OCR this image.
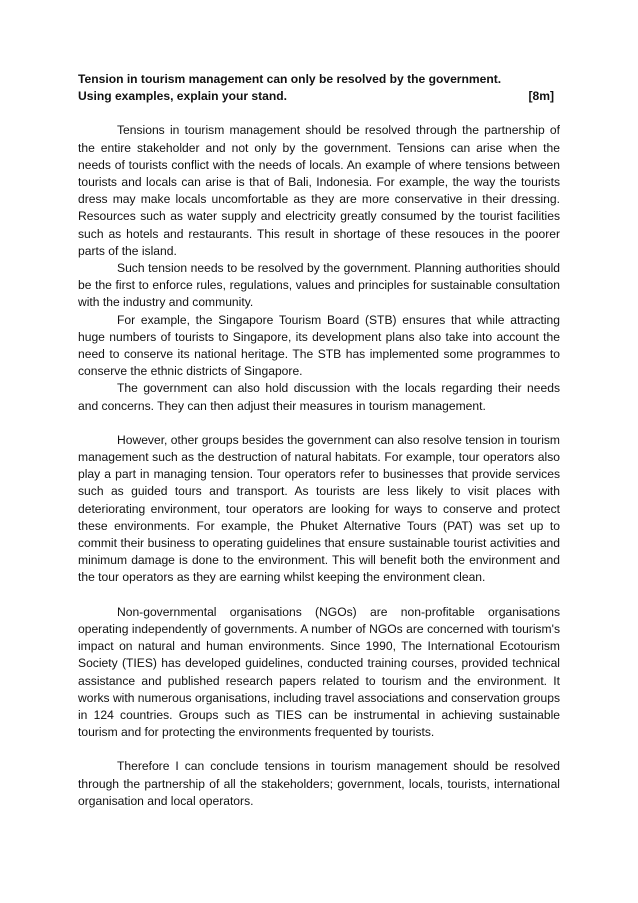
Tension in tourism management can only be resolved by the government.

Using examples, explain your stand.	[8m]

Tensions in tourism management should be resolved through the partnership of the entire stakeholder and not only by the government. Tensions can arise when the needs of tourists conflict with the needs of locals. An example of where tensions between tourists and locals can arise is that of Bali, Indonesia. For example, the way the tourists dress may make locals uncomfortable as they are more conservative in their dressing. Resources such as water supply and electricity greatly consumed by the tourist facilities such as hotels and restaurants. This result in shortage of these resouces in the poorer parts of the island.

Such tension needs to be resolved by the government. Planning authorities should be the first to enforce rules, regulations, values and principles for sustainable consultation with the industry and community.

For example, the Singapore Tourism Board (STB) ensures that while attracting huge numbers of tourists to Singapore, its development plans also take into account the need to conserve its national heritage. The STB has implemented some programmes to conserve the ethnic districts of Singapore.

The government can also hold discussion with the locals regarding their needs and concerns. They can then adjust their measures in tourism management.

However, other groups besides the government can also resolve tension in tourism management such as the destruction of natural habitats. For example, tour operators also play a part in managing tension. Tour operators refer to businesses that provide services such as guided tours and transport. As tourists are less likely to visit places with deteriorating environment, tour operators are looking for ways to conserve and protect these environments. For example, the Phuket Alternative Tours (PAT) was set up to commit their business to operating guidelines that ensure sustainable tourist activities and minimum damage is done to the environment. This will benefit both the environment and the tour operators as they are earning whilst keeping the environment clean.

Non-governmental organisations (NGOs) are non-profitable organisations operating independently of governments. A number of NGOs are concerned with tourism's impact on natural and human environments. Since 1990, The International Ecotourism Society (TIES) has developed guidelines, conducted training courses, provided technical assistance and published research papers related to tourism and the environment. It works with numerous organisations, including travel associations and conservation groups in 124 countries. Groups such as TIES can be instrumental in achieving sustainable tourism and for protecting the environments frequented by tourists.

Therefore I can conclude tensions in tourism management should be resolved through the partnership of all the stakeholders; government, locals, tourists, international organisation and local operators.
